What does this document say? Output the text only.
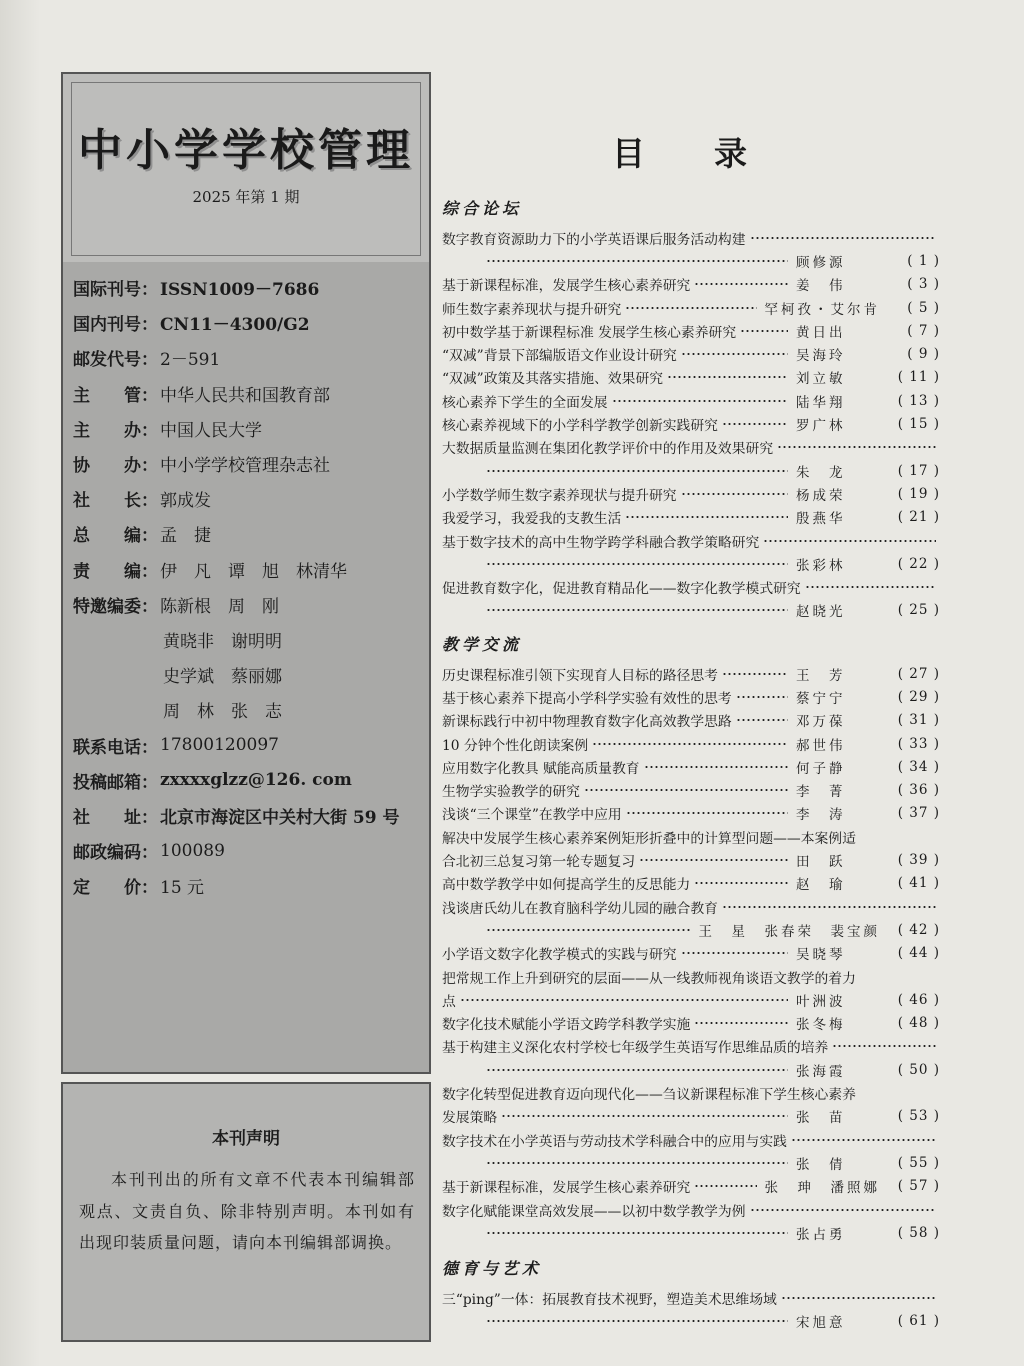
中小学学校管理
2025 年第 1 期
国际刊号： ISSN1009－7686
国内刊号： CN11－4300/G2
邮发代号： 2－591
主　　管： 中华人民共和国教育部
主　　办： 中国人民大学
协　　办： 中小学学校管理杂志社
社　　长： 郭成发
总　　编： 孟　捷
责　　编： 伊　凡　谭　旭　林清华
特邀编委： 陈新根　周　刚
黄晓非　谢明明
史学斌　蔡丽娜
周　林　张　志
联系电话： 17800120097
投稿邮箱： zxxxxglzz@126. com
社　　址： 北京市海淀区中关村大街 59 号
邮政编码： 100089
定　　价： 15 元
本刊声明
本刊刊出的所有文章不代表本刊编辑部观点、文责自负、除非特别声明。本刊如有出现印装质量问题，请向本刊编辑部调换。
目　录
综合论坛
数字教育资源助力下的小学英语课后服务活动构建
顾修源	( 1 )
基于新课程标准，发展学生核心素养研究	姜　伟	( 3 )
师生数字素养现状与提升研究	罕柯孜・艾尔肯	( 5 )
初中数学基于新课程标准 发展学生核心素养研究	黄日出	( 7 )
“双减”背景下部编版语文作业设计研究	吴海玲	( 9 )
“双减”政策及其落实措施、效果研究	刘立敏	( 11 )
核心素养下学生的全面发展	陆华翔	( 13 )
核心素养视域下的小学科学教学创新实践研究	罗广林	( 15 )
大数据质量监测在集团化教学评价中的作用及效果研究
朱　龙	( 17 )
小学数学师生数字素养现状与提升研究	杨成荣	( 19 )
我爱学习，我爱我的支教生活	殷燕华	( 21 )
基于数字技术的高中生物学跨学科融合教学策略研究
张彩林	( 22 )
促进教育数字化，促进教育精品化——数字化教学模式研究
赵晓光	( 25 )
教学交流
历史课程标准引领下实现育人目标的路径思考	王　芳	( 27 )
基于核心素养下提高小学科学实验有效性的思考	蔡宁宁	( 29 )
新课标践行中初中物理教育数字化高效教学思路	邓万葆	( 31 )
10 分钟个性化朗读案例	郝世伟	( 33 )
应用数字化教具 赋能高质量教育	何子静	( 34 )
生物学实验教学的研究	李　菁	( 36 )
浅谈“三个课堂”在教学中应用	李　涛	( 37 )
解决中发展学生核心素养案例矩形折叠中的计算型问题——本案例适
合北初三总复习第一轮专题复习	田　跃	( 39 )
高中数学教学中如何提高学生的反思能力	赵　瑜	( 41 )
浅谈唐氏幼儿在教育脑科学幼儿园的融合教育
王　星　张春荣　裴宝颜	( 42 )
小学语文数字化教学模式的实践与研究	吴晓琴	( 44 )
把常规工作上升到研究的层面——从一线教师视角谈语文教学的着力
点	叶洲波	( 46 )
数字化技术赋能小学语文跨学科教学实施	张冬梅	( 48 )
基于构建主义深化农村学校七年级学生英语写作思维品质的培养
张海霞	( 50 )
数字化转型促进教育迈向现代化——刍议新课程标准下学生核心素养
发展策略	张　苗	( 53 )
数字技术在小学英语与劳动技术学科融合中的应用与实践
张　倩	( 55 )
基于新课程标准，发展学生核心素养研究	张　珅　潘照娜	( 57 )
数字化赋能课堂高效发展——以初中数学教学为例
张占勇	( 58 )
德育与艺术
三“ping”一体：拓展教育技术视野，塑造美术思维场域
宋旭意	( 61 )
